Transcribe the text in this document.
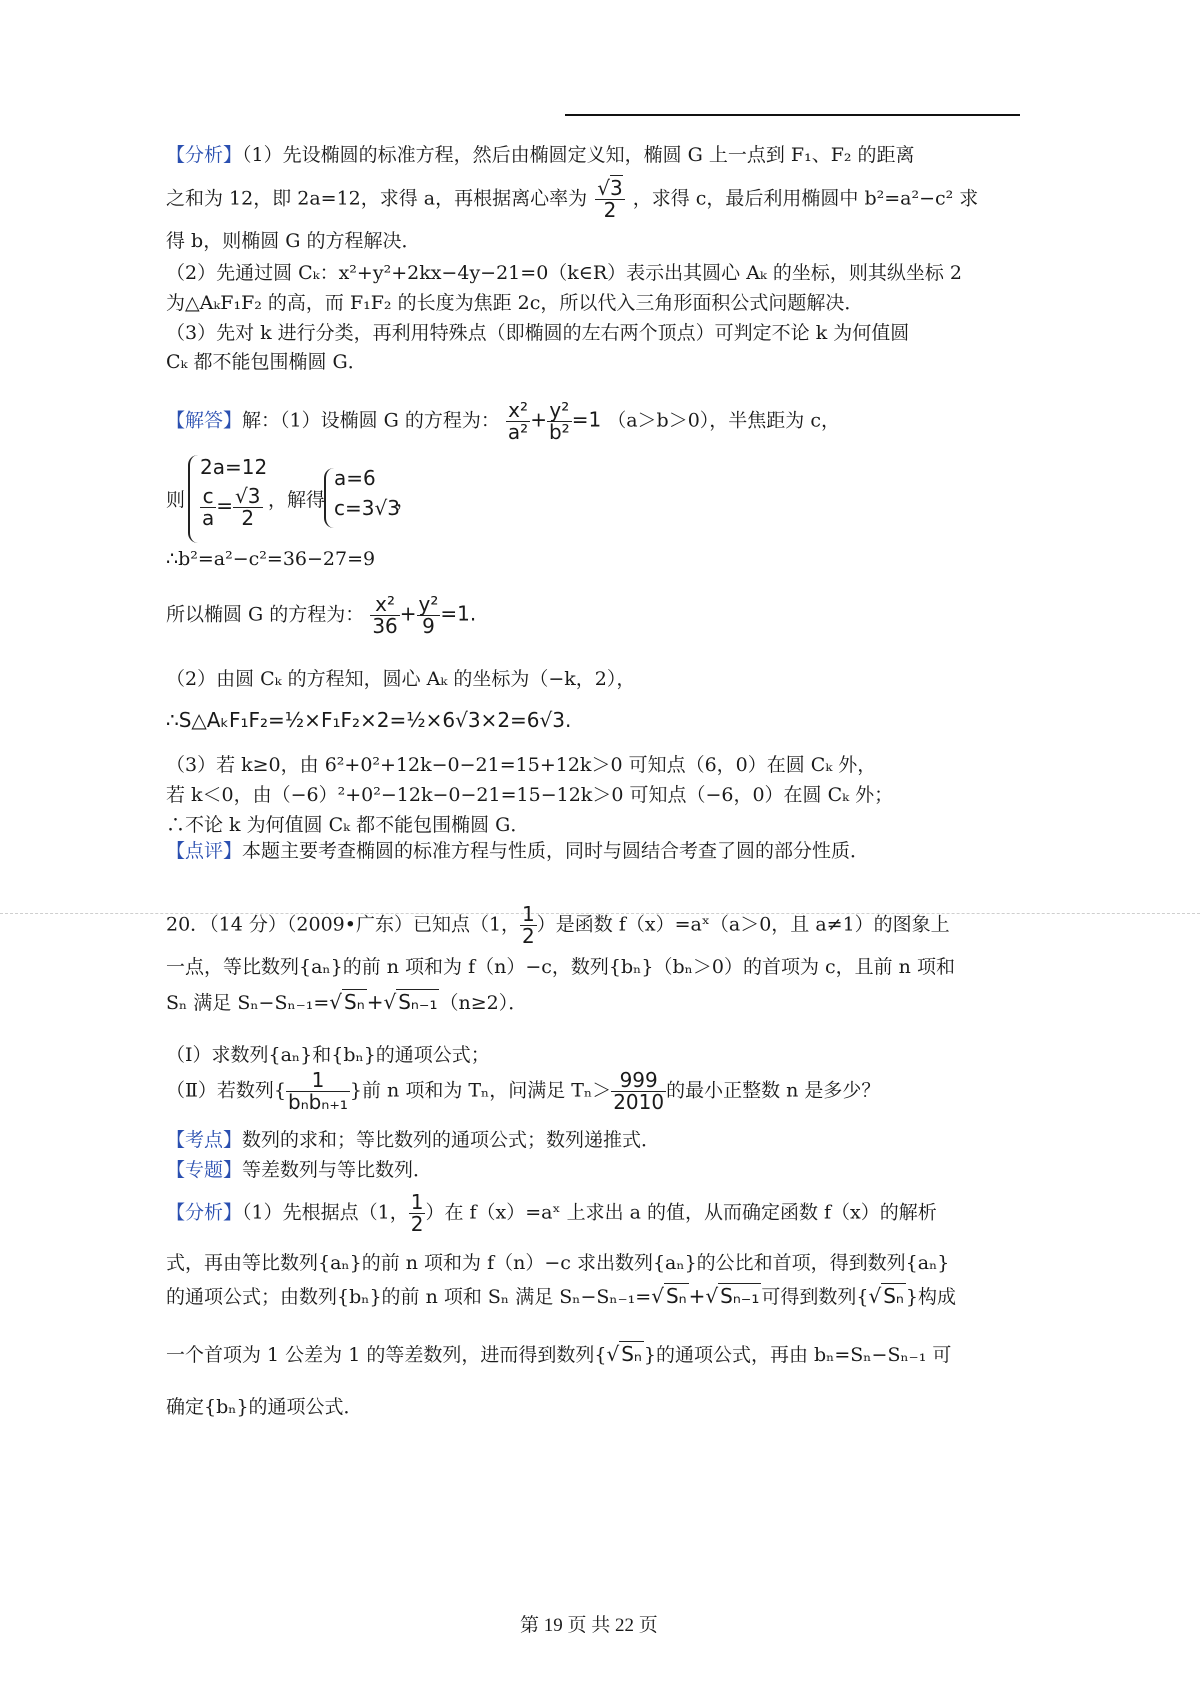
【分析】（1）先设椭圆的标准方程，然后由椭圆定义知，椭圆 G 上一点到 F₁、F₂ 的距离
之和为 12，即 2a=12，求得 a，再根据离心率为 $\frac{√3}{2}$ ，求得 c，最后利用椭圆中 b²=a²−c² 求
得 b，则椭圆 G 的方程解决．
（2）先通过圆 Cₖ：x²+y²+2kx−4y−21=0（k∈R）表示出其圆心 Aₖ 的坐标，则其纵坐标 2
为△AₖF₁F₂ 的高，而 F₁F₂ 的长度为焦距 2c，所以代入三角形面积公式问题解决．
（3）先对 k 进行分类，再利用特殊点（即椭圆的左右两个顶点）可判定不论 k 为何值圆
Cₖ 都不能包围椭圆 G．
【解答】解：（1）设椭圆 G 的方程为： $\frac{\text{x²}}{\text{a²}} + \frac{\text{y²}}{\text{b²}} =1$ （a＞b＞0），半焦距为 c，
则
2a=12
$\frac{c}{a} = \frac{√3}{2}$ ，解得
a=6
c=3√3
，
∴b²=a²−c²=36−27=9
所以椭圆 G 的方程为： $\frac{\text{x²}}{36} + \frac{\text{y²}}{9} =1$.
（2）由圆 Cₖ 的方程知，圆心 Aₖ 的坐标为（−k，2），
∴S△AₖF₁F₂=½×F₁F₂×2=½×6√3×2=6√3.
（3）若 k≥0，由 6²+0²+12k−0−21=15+12k＞0 可知点（6，0）在圆 Cₖ 外，
若 k＜0，由（−6）²+0²−12k−0−21=15−12k＞0 可知点（−6，0）在圆 Cₖ 外；
∴不论 k 为何值圆 Cₖ 都不能包围椭圆 G．
【点评】本题主要考查椭圆的标准方程与性质，同时与圆结合考查了圆的部分性质．
20．（14 分）（2009•广东）已知点（1， $\frac{1}{2}$ ）是函数 f（x）=aˣ（a＞0，且 a≠1）的图象上
一点，等比数列{aₙ}的前 n 项和为 f（n）−c，数列{bₙ}（bₙ＞0）的首项为 c，且前 n 项和
Sₙ 满足 Sₙ−Sₙ₋₁=√ Sₙ +√ Sₙ₋₁ （n≥2）．
（Ⅰ）求数列{aₙ}和{bₙ}的通项公式；
（Ⅱ）若数列{ $\frac{1}{\text{bₙbₙ₊₁}}$ }前 n 项和为 Tₙ，问满足 $T_n> \frac{999}{2010}$ 的最小正整数 n 是多少？
【考点】数列的求和；等比数列的通项公式；数列递推式．
【专题】等差数列与等比数列．
【分析】（1）先根据点（1， $\frac{1}{2}$ ）在 f（x）=aˣ 上求出 a 的值，从而确定函数 f（x）的解析
式，再由等比数列{aₙ}的前 n 项和为 f（n）−c 求出数列{aₙ}的公比和首项，得到数列{aₙ}
的通项公式；由数列{bₙ}的前 n 项和 Sₙ 满足 Sₙ−Sₙ₋₁=√ Sₙ +√ Sₙ₋₁ 可得到数列{√ Sₙ }构成
一个首项为 1 公差为 1 的等差数列，进而得到数列{√ Sₙ }的通项公式，再由 bₙ=Sₙ−Sₙ₋₁ 可
确定{bₙ}的通项公式．
第 19 页 共 22 页
